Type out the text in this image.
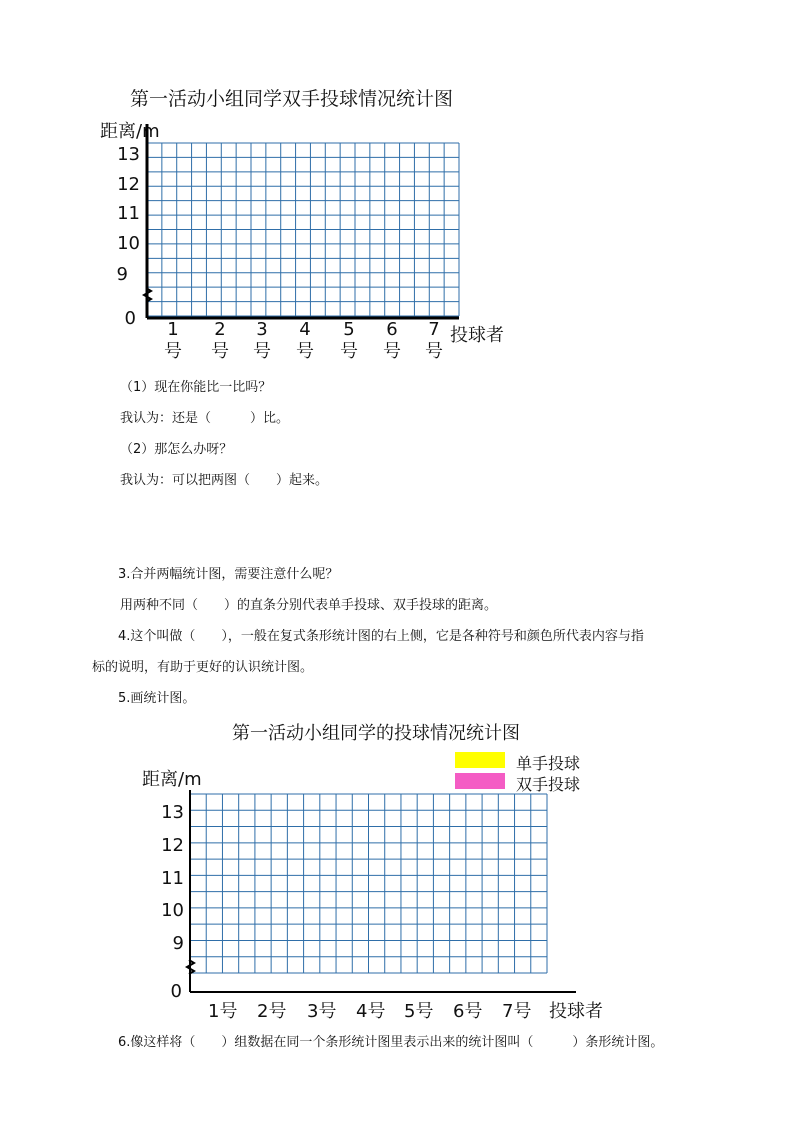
第一活动小组同学双手投球情况统计图
距离/m
13
12
11
10
9
0
1
号
2
号
3
号
4
号
5
号
6
号
7
号
投球者
（1）现在你能比一比吗？
我认为：还是（　　　）比。
（2）那怎么办呀？
我认为：可以把两图（　　）起来。
3.合并两幅统计图，需要注意什么呢？
用两种不同（　　）的直条分别代表单手投球、双手投球的距离。
4.这个叫做（　　），一般在复式条形统计图的右上侧，它是各种符号和颜色所代表内容与指
标的说明，有助于更好的认识统计图。
5.画统计图。
6.像这样将（　　）组数据在同一个条形统计图里表示出来的统计图叫（　　　）条形统计图。
第一活动小组同学的投球情况统计图
单手投球
双手投球
距离/m
13
12
11
10
9
0
1号 2号 3号 4号 5号 6号 7号 投球者
